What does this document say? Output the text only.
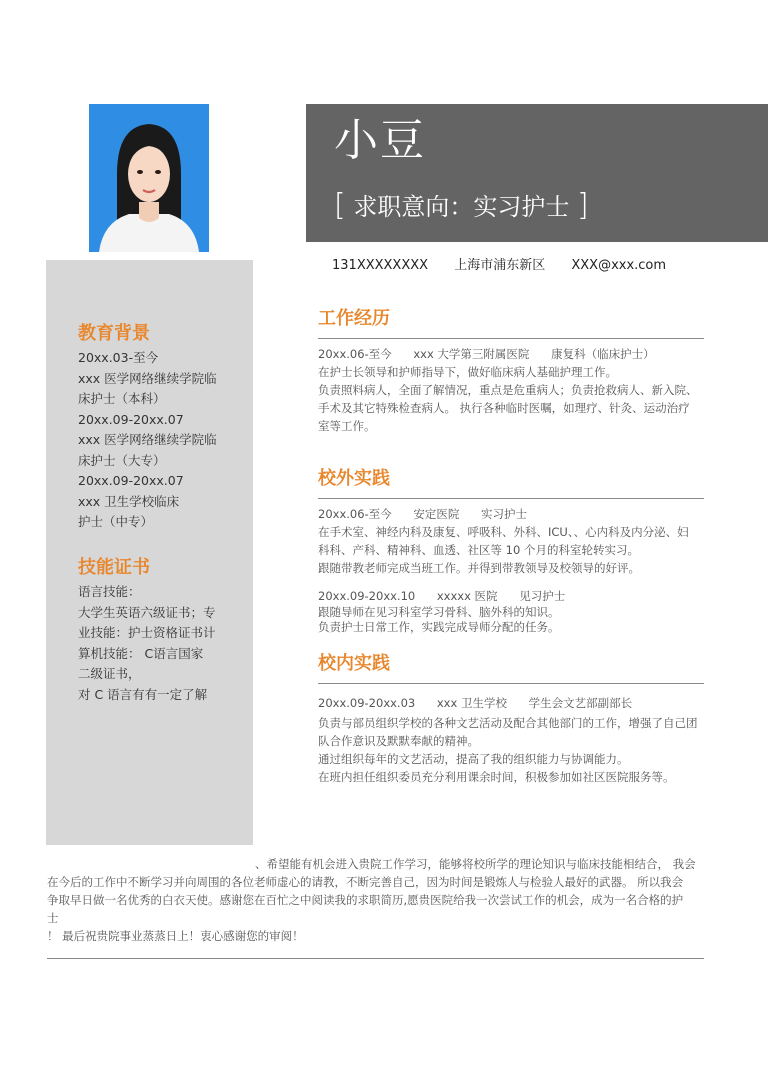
教育背景
20xx.03-至今
xxx 医学网络继续学院临
床护士（本科）
20xx.09-20xx.07
xxx 医学网络继续学院临
床护士（大专）
20xx.09-20xx.07
xxx 卫生学校临床
护士（中专）
技能证书
语言技能：
大学生英语六级证书；专
业技能：护士资格证书计
算机技能： C语言国家
二级证书，
对 C 语言有有一定了解
小豆
[ 求职意向：实习护士 ]
131XXXXXXXX 上海市浦东新区 XXX@xxx.com
工作经历
20xx.06-至今 xxx 大学第三附属医院 康复科（临床护士）
在护士长领导和护师指导下，做好临床病人基础护理工作。
负责照料病人，全面了解情况，重点是危重病人；负责抢救病人、新入院、
手术及其它特殊检查病人。 执行各种临时医嘱，如理疗、针灸、运动治疗
室等工作。
校外实践
20xx.06-至今 安定医院 实习护士
在手术室、神经内科及康复、呼吸科、外科、ICU、、心内科及内分泌、妇
科科、产科、精神科、血透、社区等 10 个月的科室轮转实习。
跟随带教老师完成当班工作。并得到带教领导及校领导的好评。
20xx.09-20xx.10 xxxxx 医院 见习护士
跟随导师在见习科室学习骨科、脑外科的知识。
负责护士日常工作，实践完成导师分配的任务。
校内实践
20xx.09-20xx.03 xxx 卫生学校 学生会文艺部副部长
负责与部员组织学校的各种文艺活动及配合其他部门的工作，增强了自己团
队合作意识及默默奉献的精神。
通过组织每年的文艺活动，提高了我的组织能力与协调能力。
在班内担任组织委员充分利用课余时间，积极参加如社区医院服务等。
、希望能有机会进入贵院工作学习，能够将校所学的理论知识与临床技能相结合， 我会
在今后的工作中不断学习并向周围的各位老师虚心的请教，不断完善自己，因为时间是锻炼人与检验人最好的武器。 所以我会
争取早日做一名优秀的白衣天使。感谢您在百忙之中阅读我的求职简历,愿贵医院给我一次尝试工作的机会，成为一名合格的护
士
！ 最后祝贵院事业蒸蒸日上！衷心感谢您的审阅！
